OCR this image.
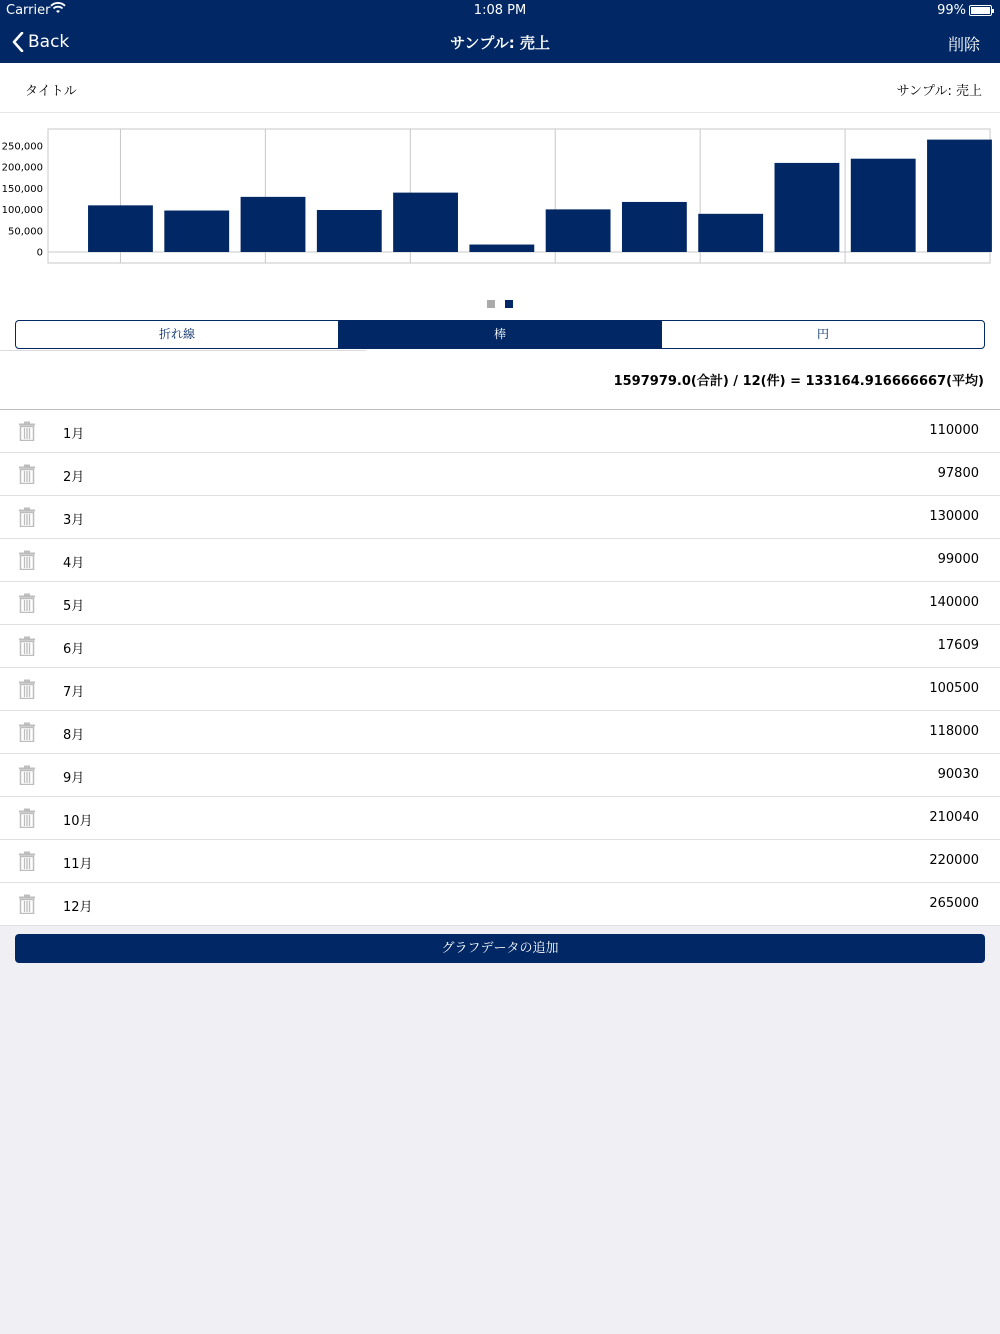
Carrier	1:08 PM	99%
Back	サンプル: 売上	削除
タイトル	サンプル: 売上
250,000
200,000
150,000
100,000
50,000
0
折れ線	棒	円
1597979.0(合計) / 12(件) = 133164.916666667(平均)
1月	110000
2月	97800
3月	130000
4月	99000
5月	140000
6月	17609
7月	100500
8月	118000
9月	90030
10月	210040
11月	220000
12月	265000
グラフデータの追加
